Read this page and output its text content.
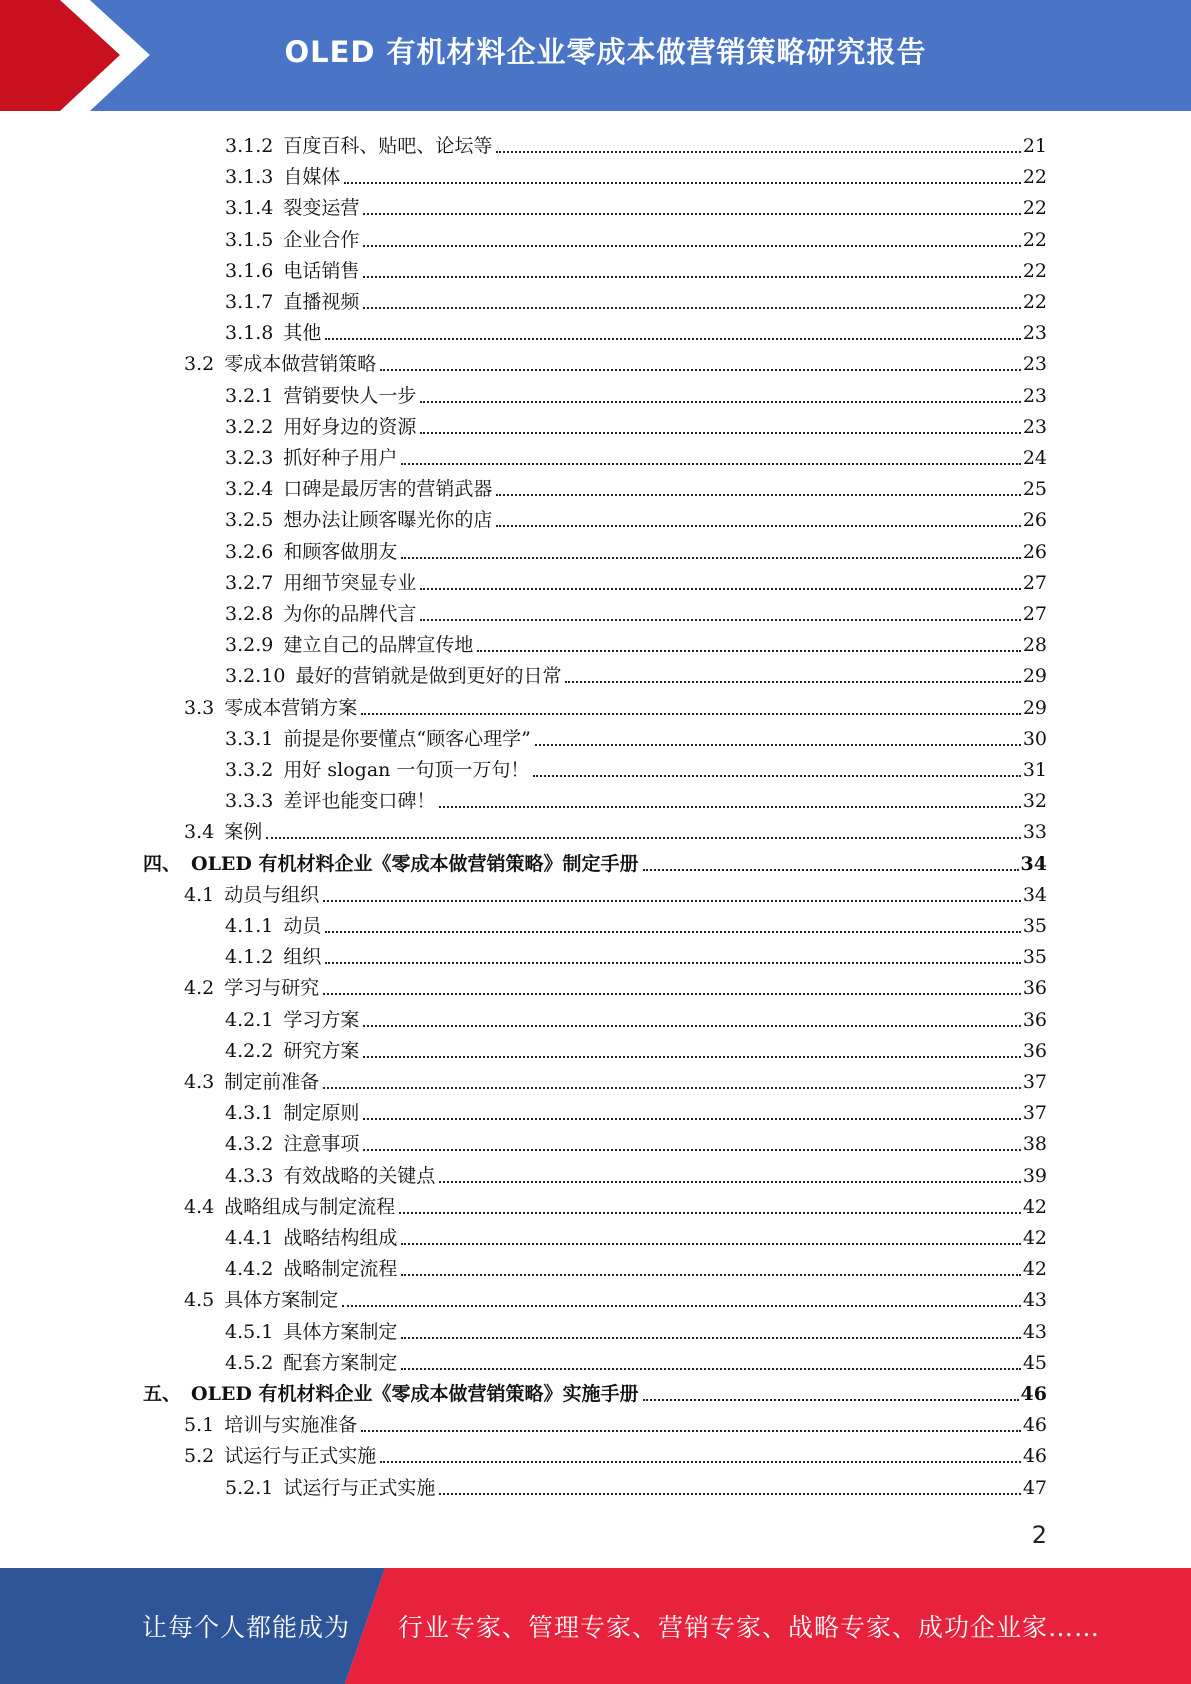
OLED 有机材料企业零成本做营销策略研究报告
3.1.2 百度百科、贴吧、论坛等	21
3.1.3 自媒体	22
3.1.4 裂变运营	22
3.1.5 企业合作	22
3.1.6 电话销售	22
3.1.7 直播视频	22
3.1.8 其他	23
3.2 零成本做营销策略	23
3.2.1 营销要快人一步	23
3.2.2 用好身边的资源	23
3.2.3 抓好种子用户	24
3.2.4 口碑是最厉害的营销武器	25
3.2.5 想办法让顾客曝光你的店	26
3.2.6 和顾客做朋友	26
3.2.7 用细节突显专业	27
3.2.8 为你的品牌代言	27
3.2.9 建立自己的品牌宣传地	28
3.2.10 最好的营销就是做到更好的日常	29
3.3 零成本营销方案	29
3.3.1 前提是你要懂点“顾客心理学”	30
3.3.2 用好 slogan 一句顶一万句！	31
3.3.3 差评也能变口碑！	32
3.4 案例	33
四、 OLED 有机材料企业《零成本做营销策略》制定手册	34
4.1 动员与组织	34
4.1.1 动员	35
4.1.2 组织	35
4.2 学习与研究	36
4.2.1 学习方案	36
4.2.2 研究方案	36
4.3 制定前准备	37
4.3.1 制定原则	37
4.3.2 注意事项	38
4.3.3 有效战略的关键点	39
4.4 战略组成与制定流程	42
4.4.1 战略结构组成	42
4.4.2 战略制定流程	42
4.5 具体方案制定	43
4.5.1 具体方案制定	43
4.5.2 配套方案制定	45
五、 OLED 有机材料企业《零成本做营销策略》实施手册	46
5.1 培训与实施准备	46
5.2 试运行与正式实施	46
5.2.1 试运行与正式实施	47
2
让每个人都能成为 行业专家、管理专家、营销专家、战略专家、成功企业家……
